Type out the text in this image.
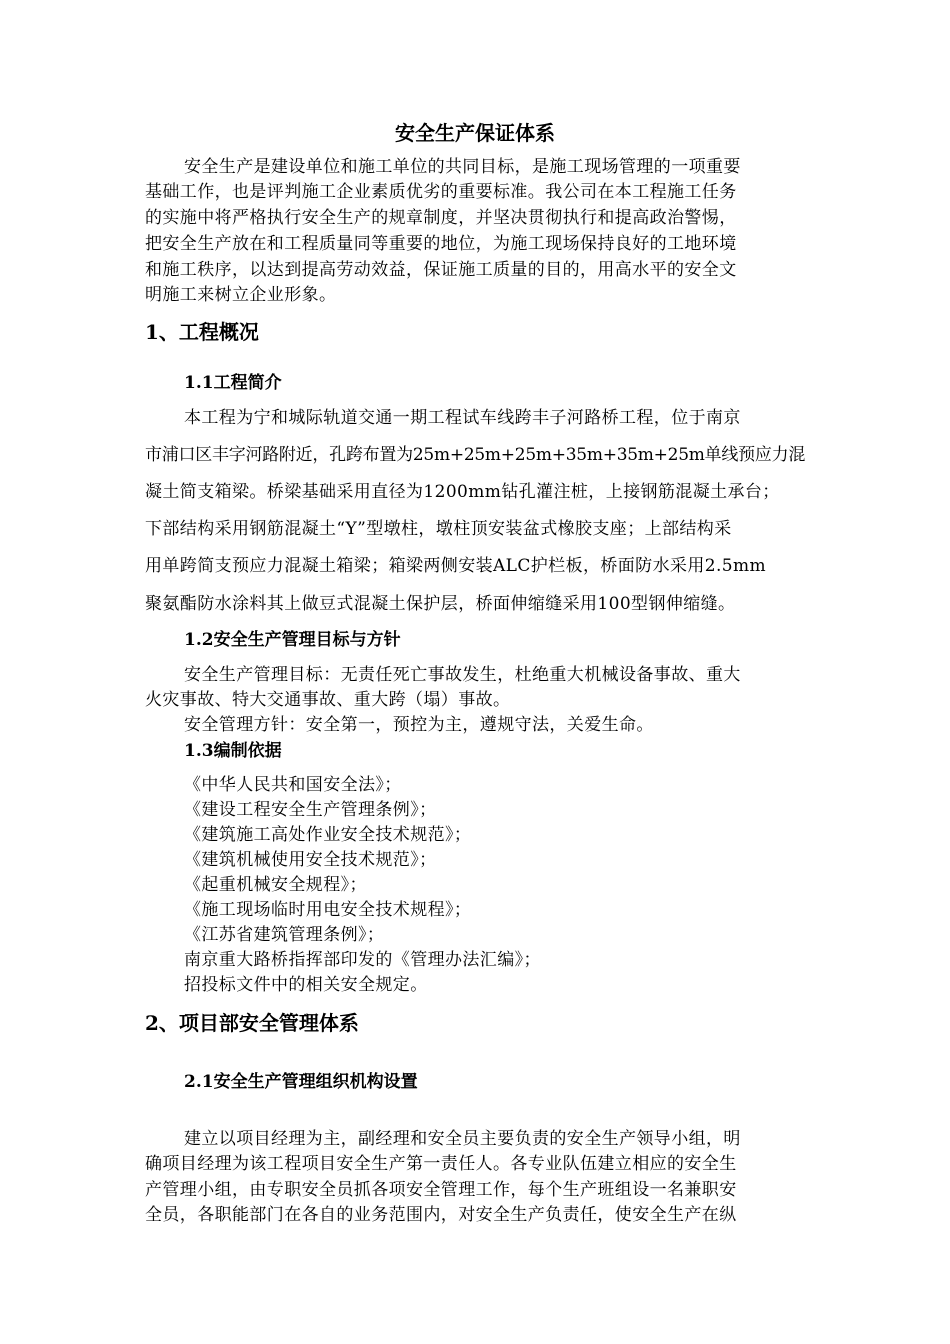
安全生产保证体系

安全生产是建设单位和施工单位的共同目标，是施工现场管理的一项重要

基础工作，也是评判施工企业素质优劣的重要标准。我公司在本工程施工任务

的实施中将严格执行安全生产的规章制度，并坚决贯彻执行和提高政治警惕，

把安全生产放在和工程质量同等重要的地位，为施工现场保持良好的工地环境

和施工秩序，以达到提高劳动效益，保证施工质量的目的，用高水平的安全文

明施工来树立企业形象。

1、工程概况

1.1工程简介

本工程为宁和城际轨道交通一期工程试车线跨丰子河路桥工程，位于南京

市浦口区丰字河路附近，孔跨布置为25m+25m+25m+35m+35m+25m单线预应力混

凝土简支箱梁。桥梁基础采用直径为1200mm钻孔灌注桩，上接钢筋混凝土承台；

下部结构采用钢筋混凝土“Y”型墩柱，墩柱顶安装盆式橡胶支座；上部结构采

用单跨简支预应力混凝土箱梁；箱梁两侧安装ALC护栏板，桥面防水采用2.5mm

聚氨酯防水涂料其上做豆式混凝土保护层，桥面伸缩缝采用100型钢伸缩缝。

1.2安全生产管理目标与方针

安全生产管理目标：无责任死亡事故发生，杜绝重大机械设备事故、重大

火灾事故、特大交通事故、重大跨（塌）事故。

安全管理方针：安全第一，预控为主，遵规守法，关爱生命。

1.3编制依据

《中华人民共和国安全法》；

《建设工程安全生产管理条例》；

《建筑施工高处作业安全技术规范》；

《建筑机械使用安全技术规范》；

《起重机械安全规程》；

《施工现场临时用电安全技术规程》；

《江苏省建筑管理条例》；

南京重大路桥指挥部印发的《管理办法汇编》；

招投标文件中的相关安全规定。

2、项目部安全管理体系

2.1安全生产管理组织机构设置

建立以项目经理为主，副经理和安全员主要负责的安全生产领导小组，明

确项目经理为该工程项目安全生产第一责任人。各专业队伍建立相应的安全生

产管理小组，由专职安全员抓各项安全管理工作，每个生产班组设一名兼职安

全员，各职能部门在各自的业务范围内，对安全生产负责任，使安全生产在纵
